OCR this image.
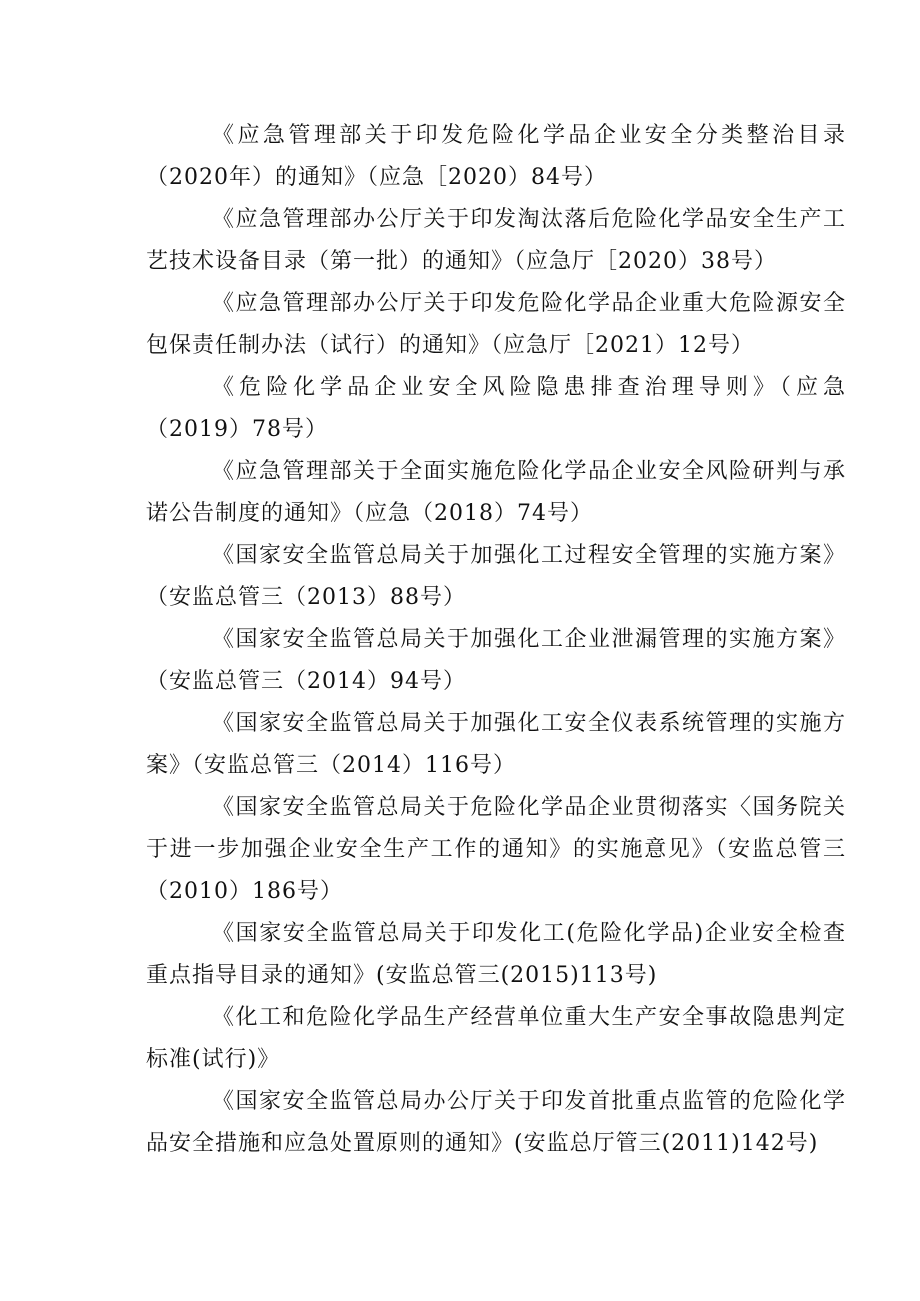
《应急管理部关于印发危险化学品企业安全分类整治目录（2020年）的通知》（应急［2020）84号）

《应急管理部办公厅关于印发淘汰落后危险化学品安全生产工艺技术设备目录（第一批）的通知》（应急厅［2020）38号）

《应急管理部办公厅关于印发危险化学品企业重大危险源安全包保责任制办法（试行）的通知》（应急厅［2021）12号）

《危险化学品企业安全风险隐患排查治理导则》（应急（2019）78号）

《应急管理部关于全面实施危险化学品企业安全风险研判与承诺公告制度的通知》（应急（2018）74号）

《国家安全监管总局关于加强化工过程安全管理的实施方案》（安监总管三（2013）88号）

《国家安全监管总局关于加强化工企业泄漏管理的实施方案》（安监总管三（2014）94号）

《国家安全监管总局关于加强化工安全仪表系统管理的实施方案》（安监总管三（2014）116号）

《国家安全监管总局关于危险化学品企业贯彻落实〈国务院关于进一步加强企业安全生产工作的通知》的实施意见》（安监总管三（2010）186号）

《国家安全监管总局关于印发化工(危险化学品)企业安全检查重点指导目录的通知》(安监总管三(2015)113号)

《化工和危险化学品生产经营单位重大生产安全事故隐患判定标准(试行)》

《国家安全监管总局办公厅关于印发首批重点监管的危险化学品安全措施和应急处置原则的通知》(安监总厅管三(2011)142号)
